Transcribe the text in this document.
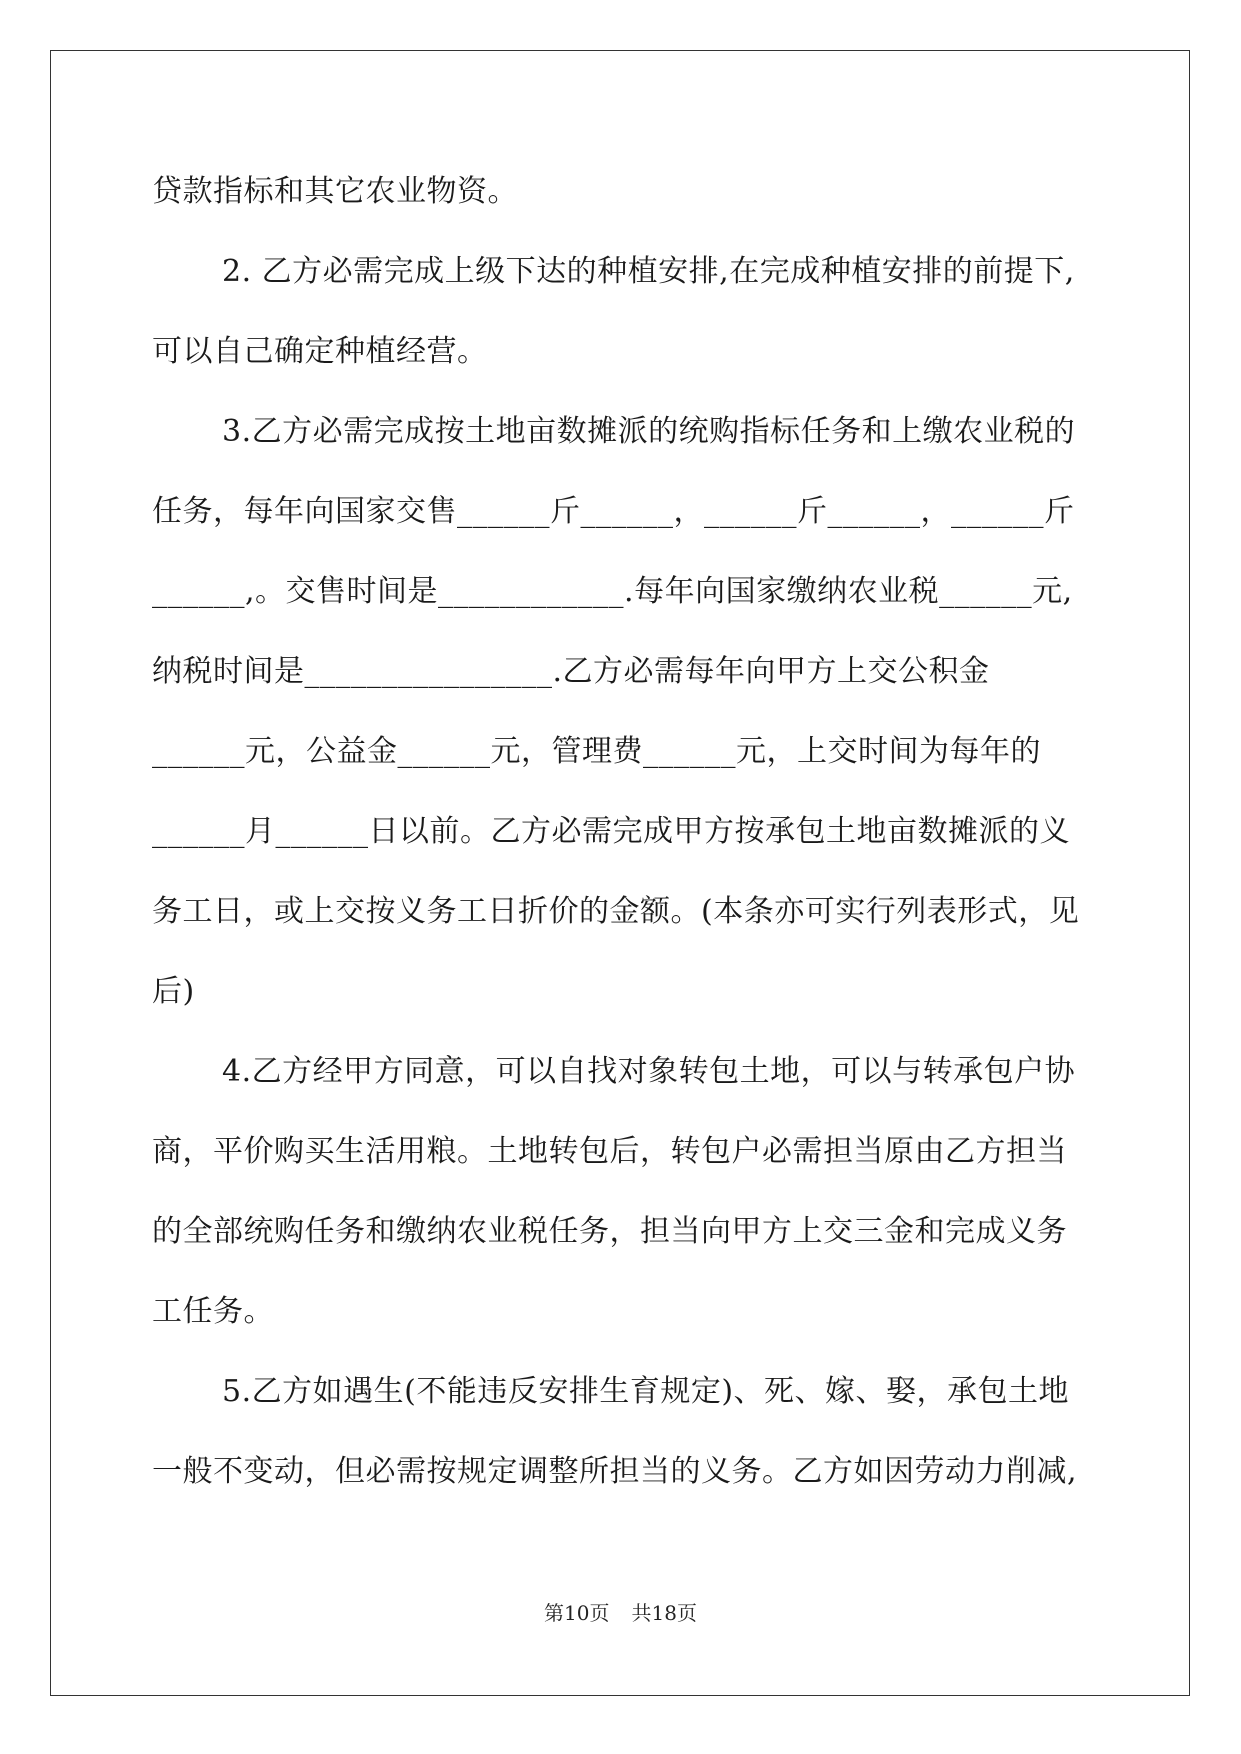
贷款指标和其它农业物资。
2. 乙方必需完成上级下达的种植安排,在完成种植安排的前提下,
可以自己确定种植经营。
3.乙方必需完成按土地亩数摊派的统购指标任务和上缴农业税的
任务，每年向国家交售______斤______，______斤______，______斤
______,。交售时间是____________.每年向国家缴纳农业税______元,
纳税时间是________________.乙方必需每年向甲方上交公积金
______元，公益金______元，管理费______元，上交时间为每年的
______月______日以前。乙方必需完成甲方按承包土地亩数摊派的义
务工日，或上交按义务工日折价的金额。(本条亦可实行列表形式，见
后)
4.乙方经甲方同意，可以自找对象转包土地，可以与转承包户协
商，平价购买生活用粮。土地转包后，转包户必需担当原由乙方担当
的全部统购任务和缴纳农业税任务，担当向甲方上交三金和完成义务
工任务。
5.乙方如遇生(不能违反安排生育规定)、死、嫁、娶，承包土地
一般不变动，但必需按规定调整所担当的义务。乙方如因劳动力削减,
第10页 共18页
